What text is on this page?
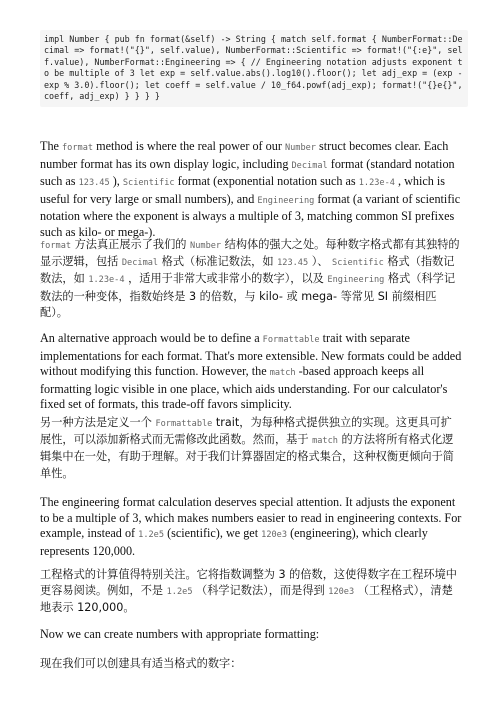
impl Number { pub fn format(&self) -> String { match self.format { NumberFormat::Decimal => format!("{}", self.value), NumberFormat::Scientific => format!("{:e}", self.value), NumberFormat::Engineering => { // Engineering notation adjusts exponent to be multiple of 3 let exp = self.value.abs().log10().floor(); let adj_exp = (exp - exp % 3.0).floor(); let coeff = self.value / 10_f64.powf(adj_exp); format!("{}e{}", coeff, adj_exp) } } } }
The format method is where the real power of our Number struct becomes clear. Each number format has its own display logic, including Decimal format (standard notation such as 123.45 ), Scientific format (exponential notation such as 1.23e-4 , which is useful for very large or small numbers), and Engineering format (a variant of scientific notation where the exponent is always a multiple of 3, matching common SI prefixes such as kilo- or mega-).
format 方法真正展示了我们的 Number 结构体的强大之处。每种数字格式都有其独特的显示逻辑，包括 Decimal 格式（标准记数法，如 123.45 ）、 Scientific 格式（指数记数法，如 1.23e-4 ，适用于非常大或非常小的数字），以及 Engineering 格式（科学记数法的一种变体，指数始终是 3 的倍数，与 kilo- 或 mega- 等常见 SI 前缀相匹配）。
An alternative approach would be to define a Formattable trait with separate implementations for each format. That's more extensible. New formats could be added without modifying this function. However, the match -based approach keeps all formatting logic visible in one place, which aids understanding. For our calculator's fixed set of formats, this trade-off favors simplicity.
另一种方法是定义一个 Formattable trait，为每种格式提供独立的实现。这更具可扩展性，可以添加新格式而无需修改此函数。然而，基于 match 的方法将所有格式化逻辑集中在一处，有助于理解。对于我们计算器固定的格式集合，这种权衡更倾向于简单性。
The engineering format calculation deserves special attention. It adjusts the exponent to be a multiple of 3, which makes numbers easier to read in engineering contexts. For example, instead of 1.2e5 (scientific), we get 120e3 (engineering), which clearly represents 120,000.
工程格式的计算值得特别关注。它将指数调整为 3 的倍数，这使得数字在工程环境中更容易阅读。例如，不是 1.2e5 （科学记数法），而是得到 120e3 （工程格式），清楚地表示 120,000。
Now we can create numbers with appropriate formatting:
现在我们可以创建具有适当格式的数字：
